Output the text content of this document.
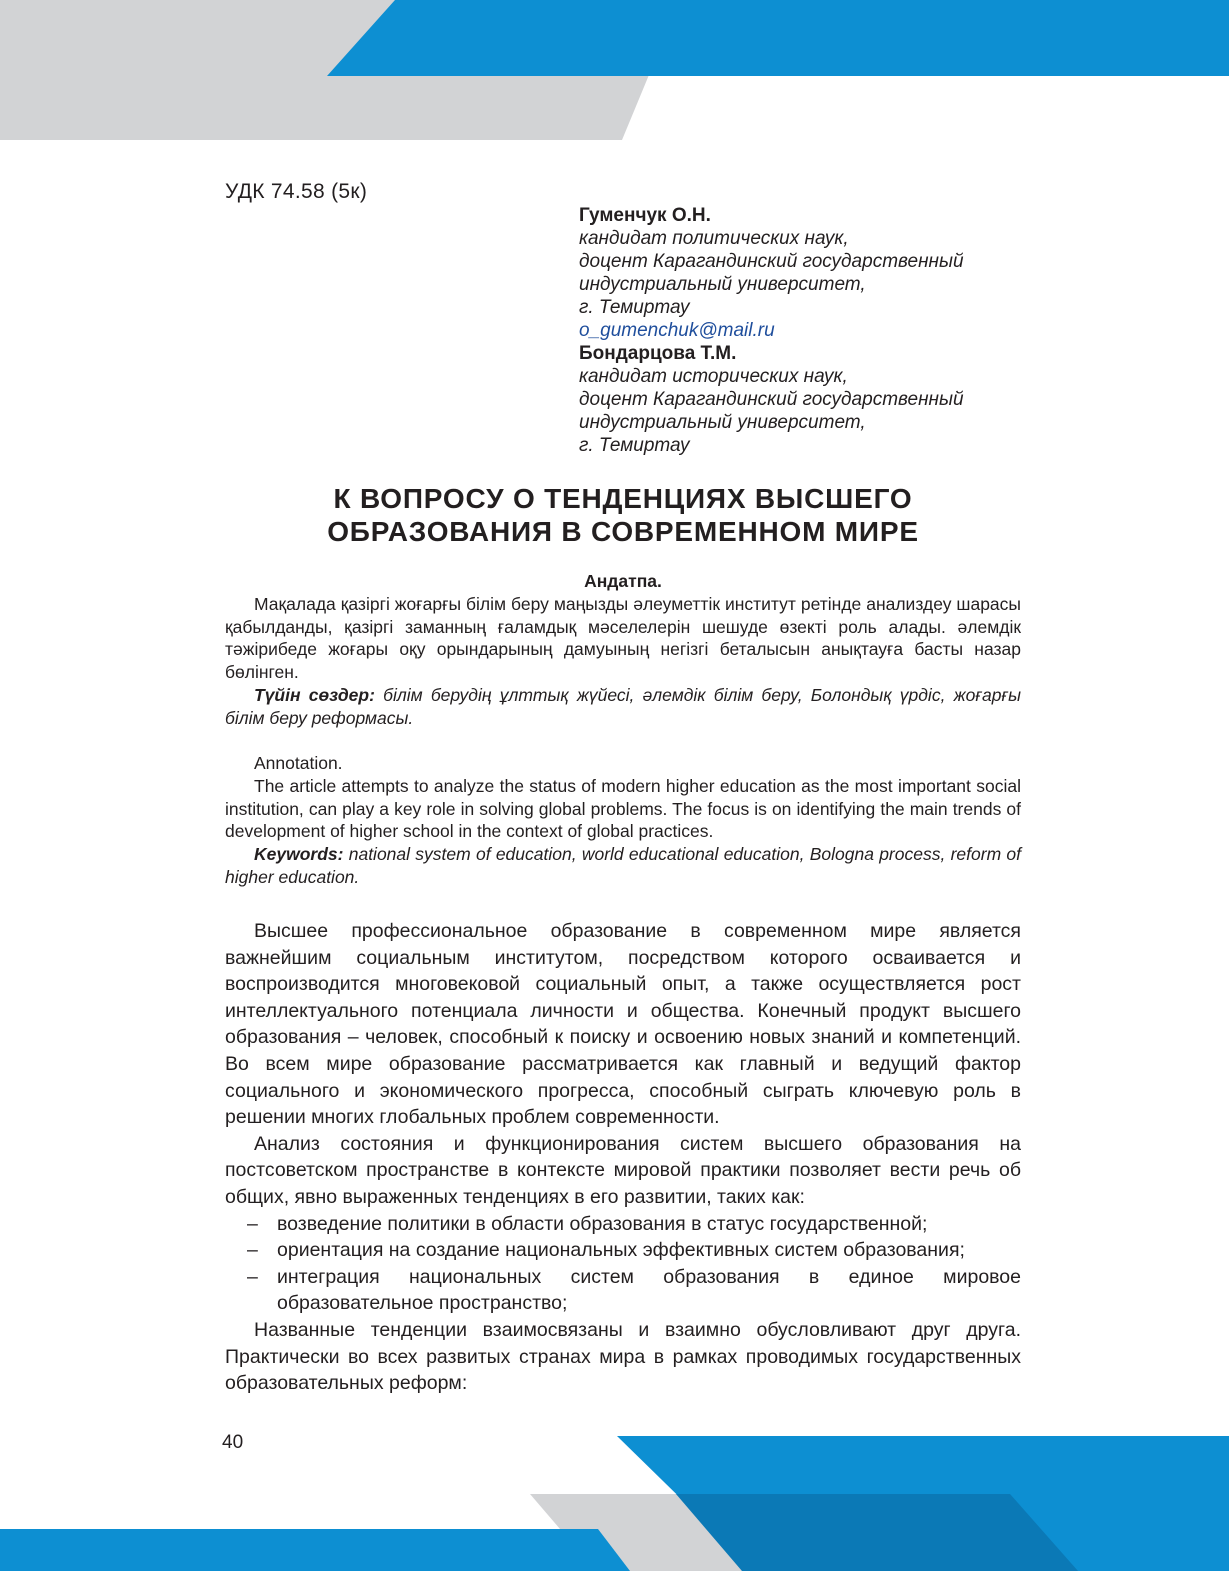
УДК 74.58 (5к)
Гуменчук О.Н.
кандидат политических наук,
доцент Карагандинский государственный
индустриальный университет,
г. Темиртау
o_gumenchuk@mail.ru
Бондарцова Т.М.
кандидат исторических наук,
доцент Карагандинский государственный
индустриальный университет,
г. Темиртау
К ВОПРОСУ О ТЕНДЕНЦИЯХ ВЫСШЕГО
ОБРАЗОВАНИЯ В СОВРЕМЕННОМ МИРЕ
Андатпа.

Мақалада қазіргі жоғарғы білім беру маңызды әлеуметтік институт ретінде анализдеу шарасы қабылданды, қазіргі заманның ғаламдық мәселелерін шешуде өзекті роль алады. әлемдік тәжірибеде жоғары оқу орындарының дамуының негізгі беталысын анықтауға басты назар бөлінген.

Түйін сөздер: білім берудің ұлттық жүйесі, әлемдік білім беру, Болондық үрдіс, жоғарғы білім беру реформасы.

Annotation.

The article attempts to analyze the status of modern higher education as the most important social institution, can play a key role in solving global problems. The focus is on identifying the main trends of development of higher school in the context of global practices.

Keywords: national system of education, world educational education, Bologna process, reform of higher education.

Высшее профессиональное образование в современном мире является важнейшим социальным институтом, посредством которого осваивается и воспроизводится многовековой социальный опыт, а также осуществляется рост интеллектуального потенциала личности и общества. Конечный продукт высшего образования – человек, способный к поиску и освоению новых знаний и компетенций. Во всем мире образование рассматривается как главный и ведущий фактор социального и экономического прогресса, способный сыграть ключевую роль в решении многих глобальных проблем современности.

Анализ состояния и функционирования систем высшего образования на постсоветском пространстве в контексте мировой практики позволяет вести речь об общих, явно выраженных тенденциях в его развитии, таких как:

– возведение политики в области образования в статус государственной;
– ориентация на создание национальных эффективных систем образования;
– интеграция национальных систем образования в единое мировое образовательное пространство;

Названные тенденции взаимосвязаны и взаимно обусловливают друг друга. Практически во всех развитых странах мира в рамках проводимых государственных образовательных реформ:

40
